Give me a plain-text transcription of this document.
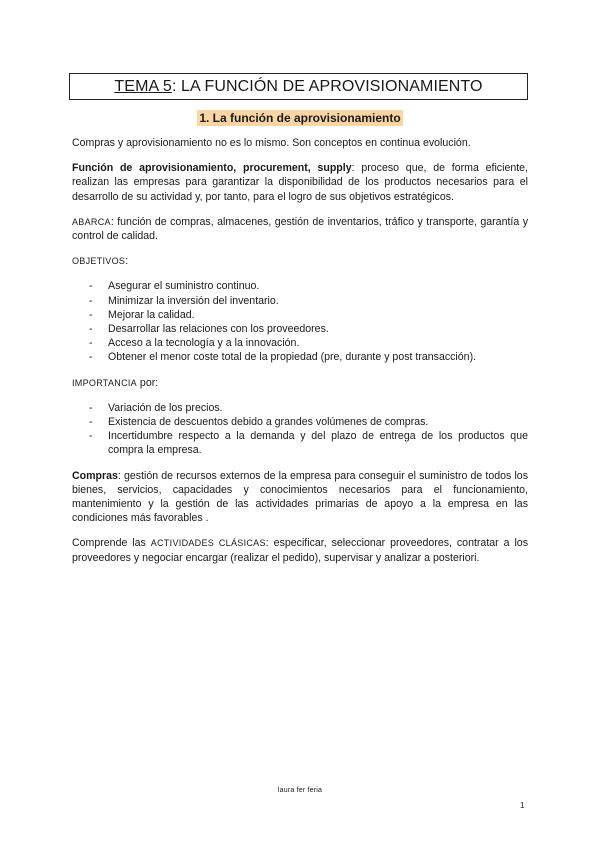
TEMA 5: LA FUNCIÓN DE APROVISIONAMIENTO
1. La función de aprovisionamiento

Compras y aprovisionamiento no es lo mismo. Son conceptos en continua evolución.

Función de aprovisionamiento, procurement, supply: proceso que, de forma eficiente, realizan las empresas para garantizar la disponibilidad de los productos necesarios para el desarrollo de su actividad y, por tanto, para el logro de sus objetivos estratégicos.

ABARCA: función de compras, almacenes, gestión de inventarios, tráfico y transporte, garantía y control de calidad.

OBJETIVOS:

- Asegurar el suministro continuo.
- Minimizar la inversión del inventario.
- Mejorar la calidad.
- Desarrollar las relaciones con los proveedores.
- Acceso a la tecnología y a la innovación.
- Obtener el menor coste total de la propiedad (pre, durante y post transacción).

IMPORTANCIA por:

- Variación de los precios.
- Existencia de descuentos debido a grandes volúmenes de compras.
- Incertidumbre respecto a la demanda y del plazo de entrega de los productos que compra la empresa.

Compras: gestión de recursos externos de la empresa para conseguir el suministro de todos los bienes, servicios, capacidades y conocimientos necesarios para el funcionamiento, mantenimiento y la gestión de las actividades primarias de apoyo a la empresa en las condiciones más favorables .

Comprende las ACTIVIDADES CLÁSICAS: especificar, seleccionar proveedores, contratar a los proveedores y negociar encargar (realizar el pedido), supervisar y analizar a posteriori.

laura fer feria
1
